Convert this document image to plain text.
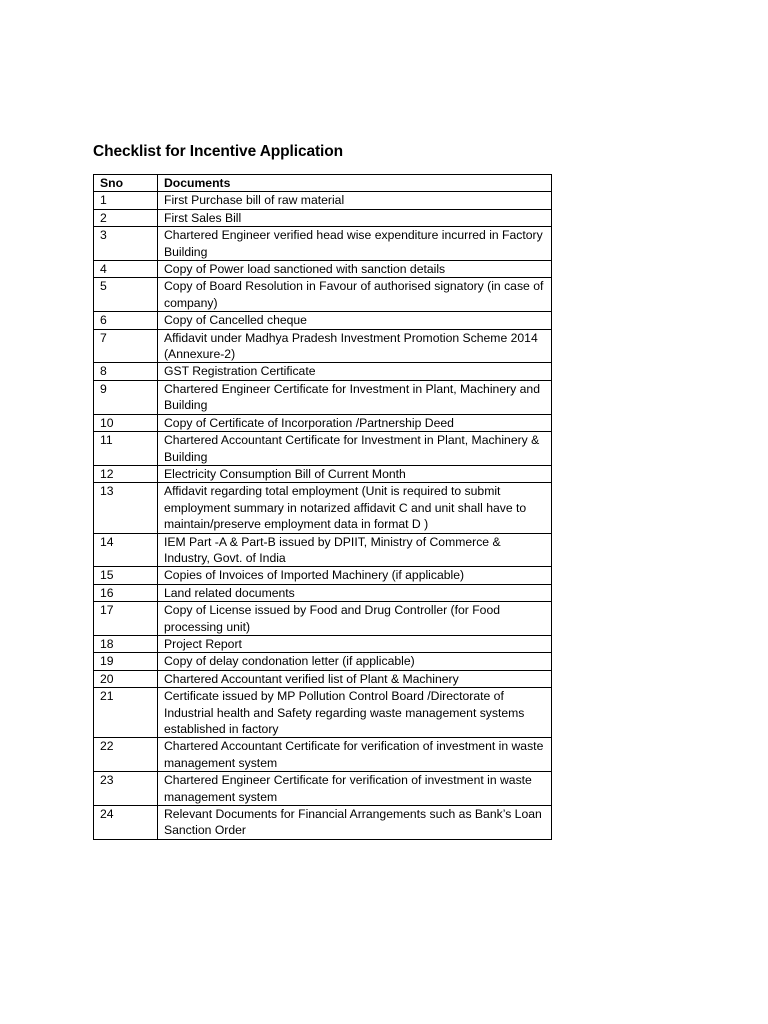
Checklist for Incentive Application
Sno	Documents
1	First Purchase bill of raw material
2	First Sales Bill
3	Chartered Engineer verified head wise expenditure incurred in Factory Building
4	Copy of Power load sanctioned with sanction details
5	Copy of Board Resolution in Favour of authorised signatory (in case of company)
6	Copy of Cancelled cheque
7	Affidavit under Madhya Pradesh Investment Promotion Scheme 2014 (Annexure-2)
8	GST Registration Certificate
9	Chartered Engineer Certificate for Investment in Plant, Machinery and Building
10	Copy of Certificate of Incorporation /Partnership Deed
11	Chartered Accountant Certificate for Investment in Plant, Machinery & Building
12	Electricity Consumption Bill of Current Month
13	Affidavit regarding total employment (Unit is required to submit employment summary in notarized affidavit C and unit shall have to maintain/preserve employment data in format D )
14	IEM Part -A & Part-B issued by DPIIT, Ministry of Commerce & Industry, Govt. of India
15	Copies of Invoices of Imported Machinery (if applicable)
16	Land related documents
17	Copy of License issued by Food and Drug Controller (for Food processing unit)
18	Project Report
19	Copy of delay condonation letter (if applicable)
20	Chartered Accountant verified list of Plant & Machinery
21	Certificate issued by MP Pollution Control Board /Directorate of Industrial health and Safety regarding waste management systems established in factory
22	Chartered Accountant Certificate for verification of investment in waste management system
23	Chartered Engineer Certificate for verification of investment in waste management system
24	Relevant Documents for Financial Arrangements such as Bank’s Loan Sanction Order
